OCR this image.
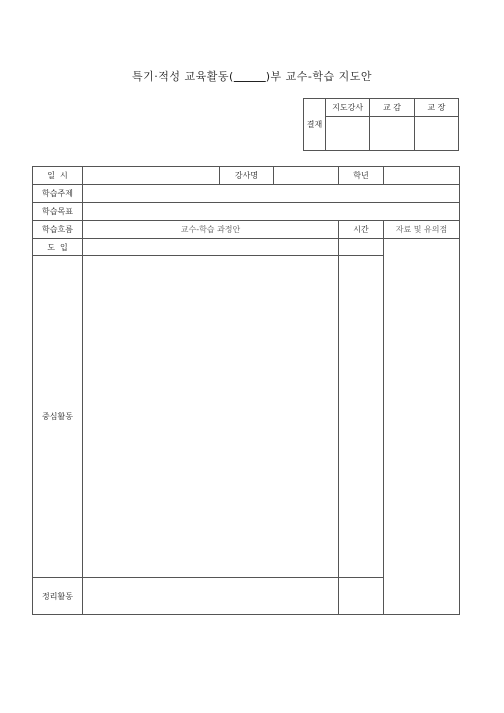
특기·적성 교육활동(	)부 교수-학습 지도안
결재	지도강사	교 감	교 장

일  시		강사명		학년	
학습주제					
학습목표					
학습흐름	교수-학습 과정안			시간	자료 및 유의점
도  입					
중심활동					
정리활동					
